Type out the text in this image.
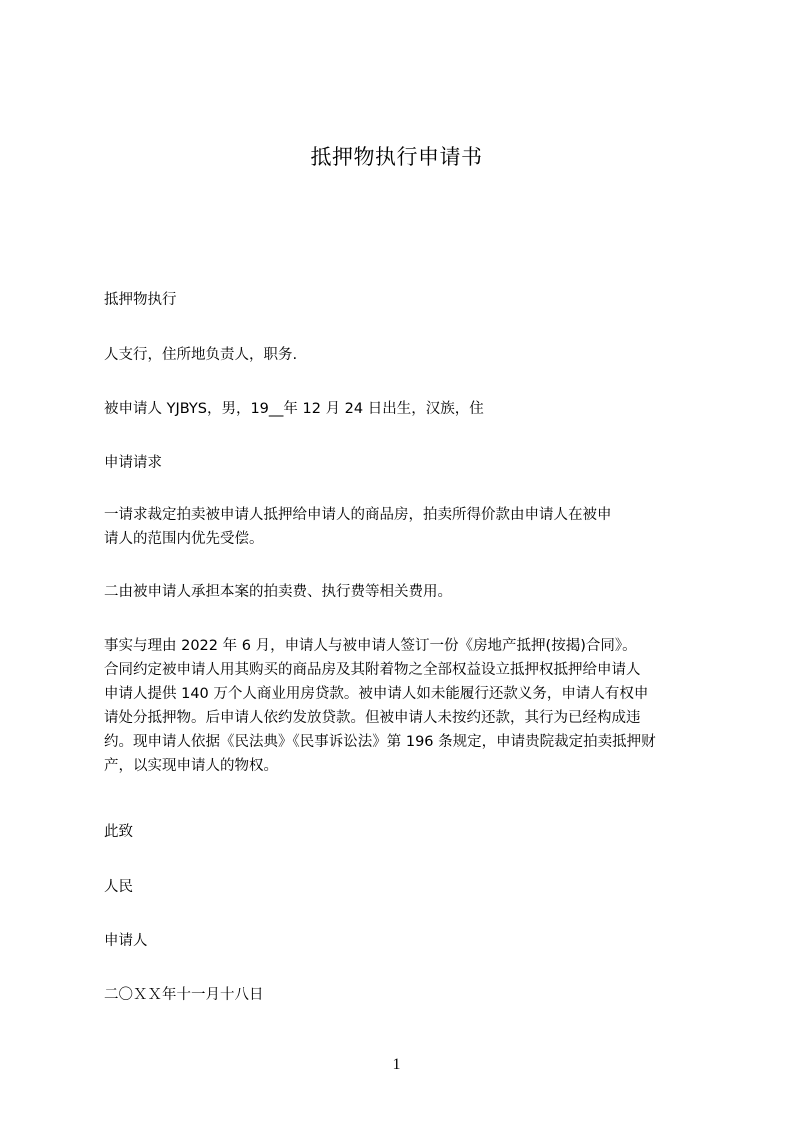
抵押物执行申请书

抵押物执行

人支行，住所地负责人，职务.

被申请人 YJBYS，男，19__年 12 月 24 日出生，汉族，住

申请请求

一请求裁定拍卖被申请人抵押给申请人的商品房，拍卖所得价款由申请人在被申
请人的范围内优先受偿。

二由被申请人承担本案的拍卖费、执行费等相关费用。

事实与理由 2022 年 6 月，申请人与被申请人签订一份《房地产抵押(按揭)合同》。
合同约定被申请人用其购买的商品房及其附着物之全部权益设立抵押权抵押给申请人
申请人提供 140 万个人商业用房贷款。被申请人如未能履行还款义务，申请人有权申
请处分抵押物。后申请人依约发放贷款。但被申请人未按约还款，其行为已经构成违
约。现申请人依据《民法典》《民事诉讼法》第 196 条规定，申请贵院裁定拍卖抵押财
产，以实现申请人的物权。

此致

人民

申请人

二〇ＸＸ年十一月十八日

1
